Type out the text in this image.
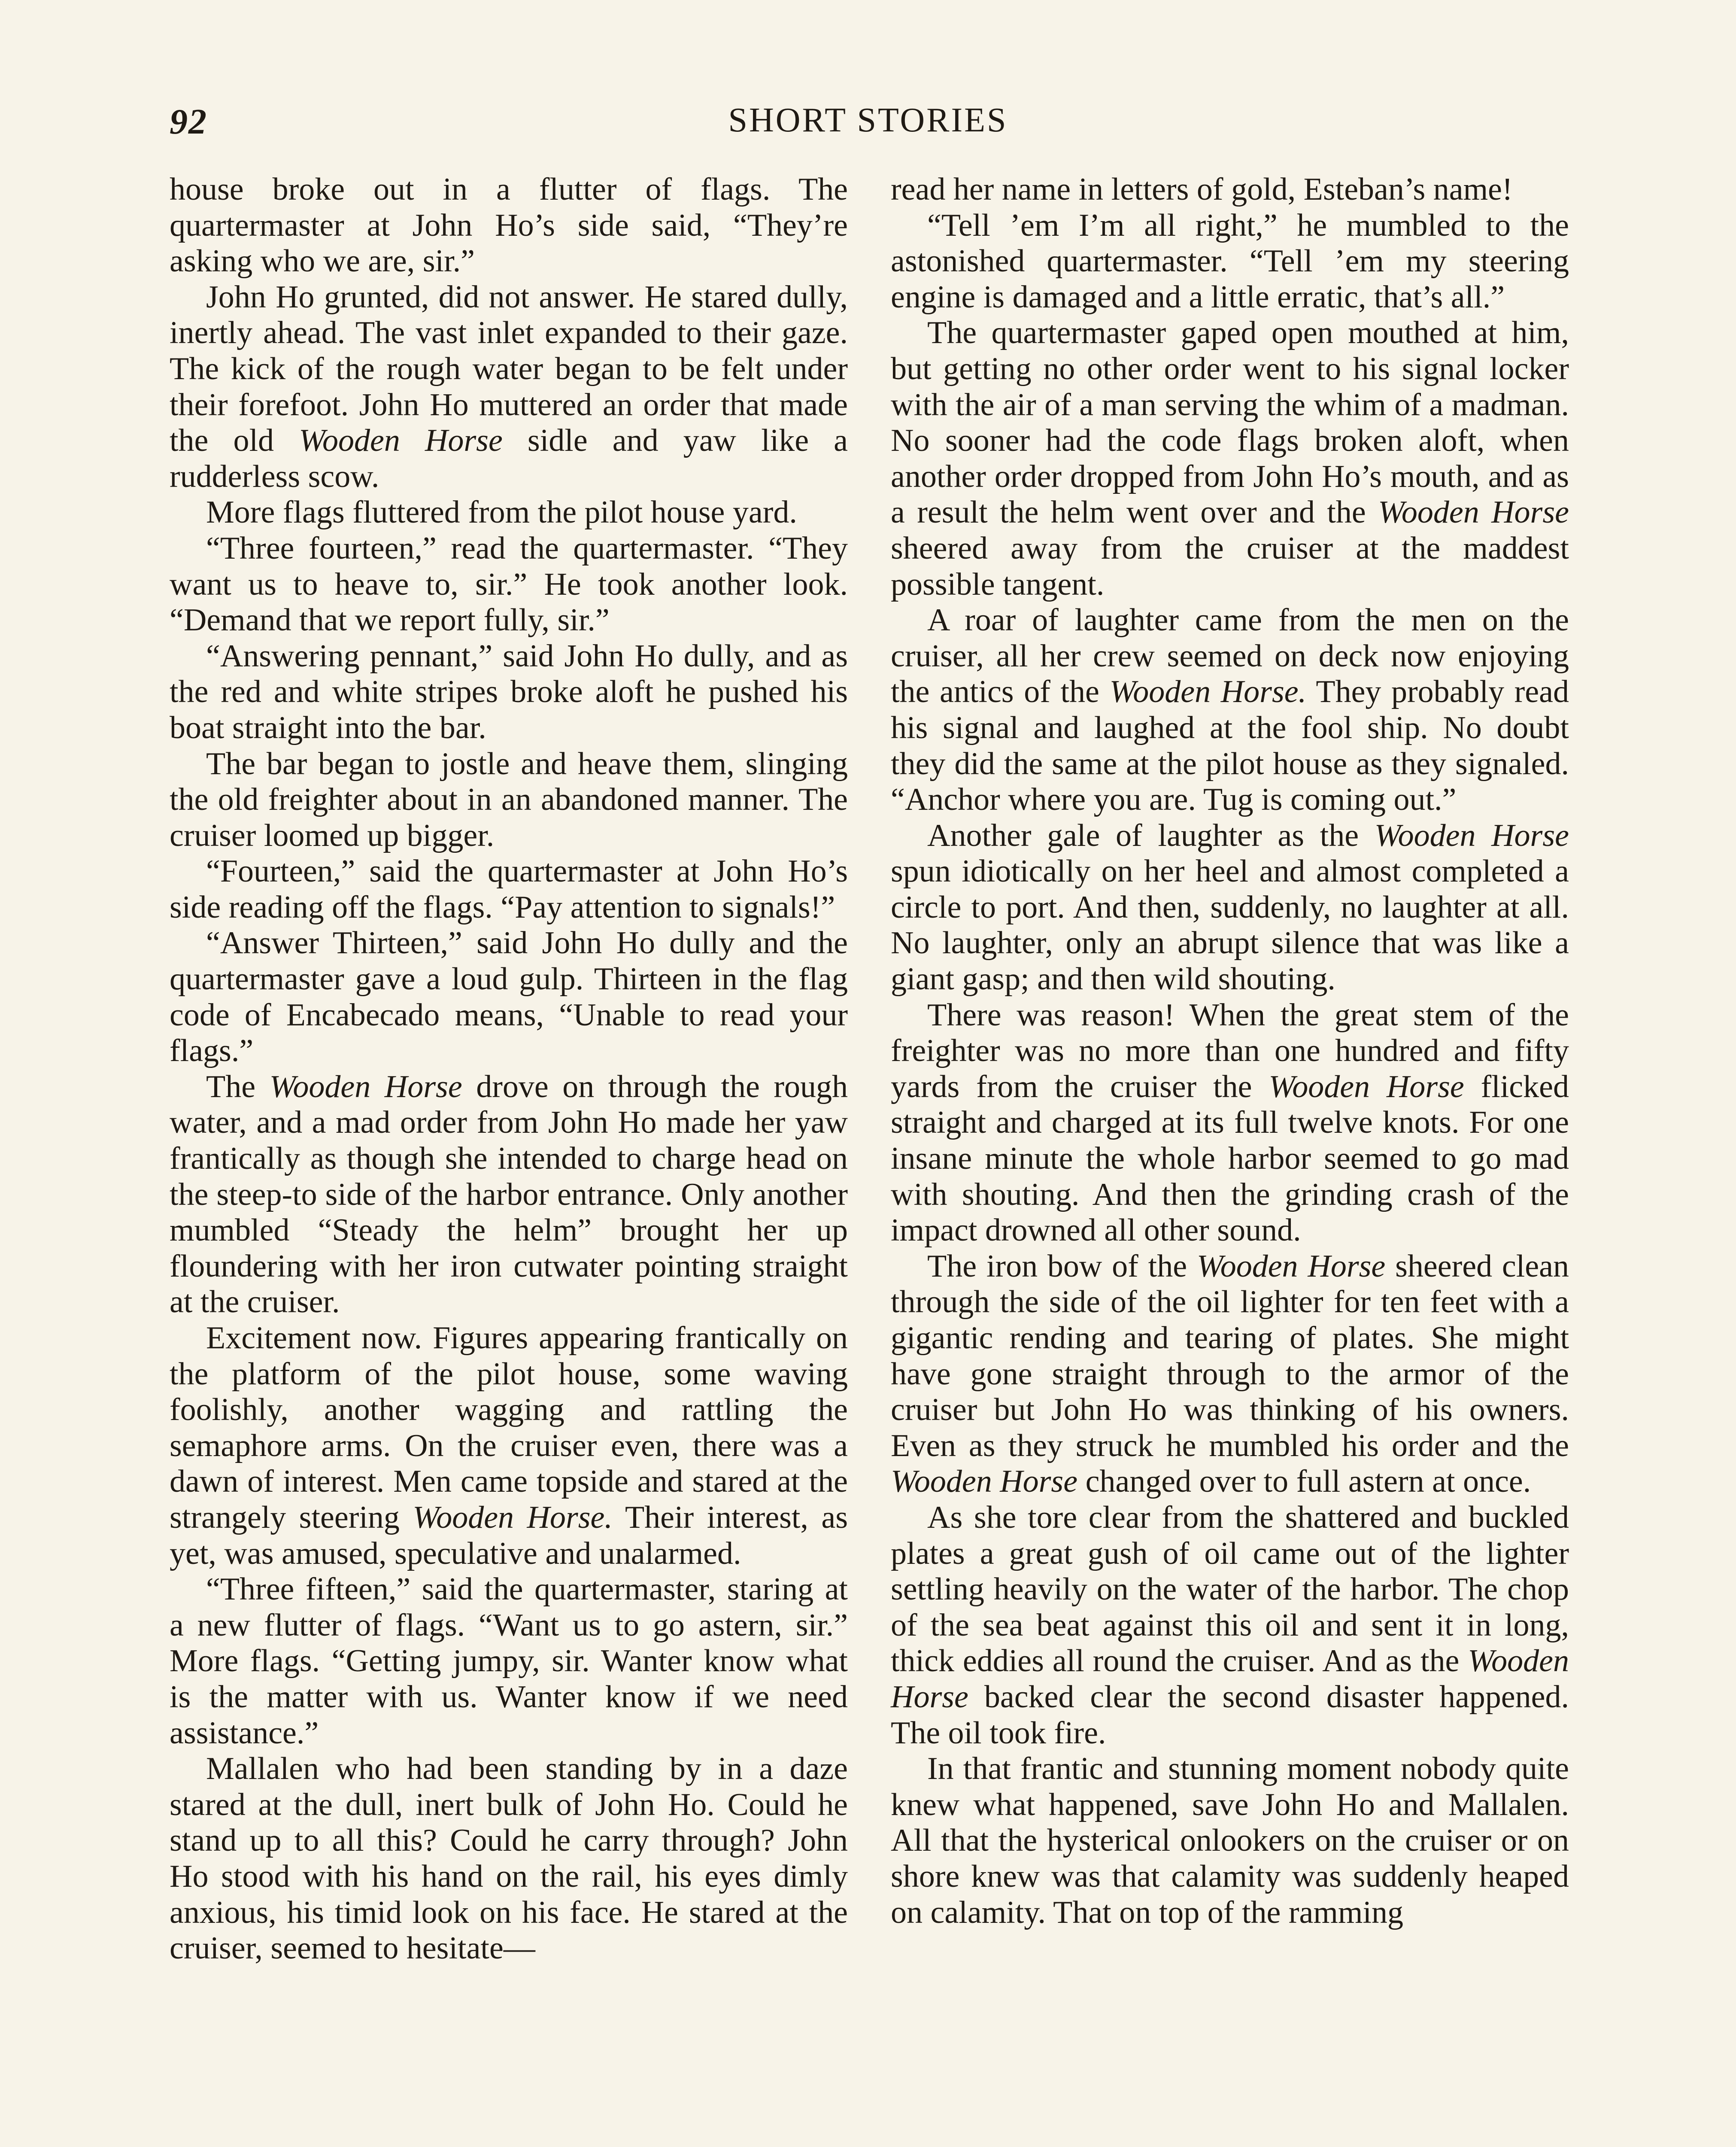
92	SHORT STORIES

house broke out in a flutter of flags. The quartermaster at John Ho’s side said, “They’re asking who we are, sir.”

John Ho grunted, did not answer. He stared dully, inertly ahead. The vast inlet expanded to their gaze. The kick of the rough water began to be felt under their forefoot. John Ho muttered an order that made the old Wooden Horse sidle and yaw like a rudderless scow.

More flags fluttered from the pilot house yard.

“Three fourteen,” read the quartermaster. “They want us to heave to, sir.” He took another look. “Demand that we report fully, sir.”

“Answering pennant,” said John Ho dully, and as the red and white stripes broke aloft he pushed his boat straight into the bar.

The bar began to jostle and heave them, slinging the old freighter about in an abandoned manner. The cruiser loomed up bigger.

“Fourteen,” said the quartermaster at John Ho’s side reading off the flags. “Pay attention to signals!”

“Answer Thirteen,” said John Ho dully and the quartermaster gave a loud gulp. Thirteen in the flag code of Encabecado means, “Unable to read your flags.”

The Wooden Horse drove on through the rough water, and a mad order from John Ho made her yaw frantically as though she intended to charge head on the steep-to side of the harbor entrance. Only another mumbled “Steady the helm” brought her up floundering with her iron cutwater pointing straight at the cruiser.

Excitement now. Figures appearing frantically on the platform of the pilot house, some waving foolishly, another wagging and rattling the semaphore arms. On the cruiser even, there was a dawn of interest. Men came topside and stared at the strangely steering Wooden Horse. Their interest, as yet, was amused, speculative and unalarmed.

“Three fifteen,” said the quartermaster, staring at a new flutter of flags. “Want us to go astern, sir.” More flags. “Getting jumpy, sir. Wanter know what is the matter with us. Wanter know if we need assistance.”

Mallalen who had been standing by in a daze stared at the dull, inert bulk of John Ho. Could he stand up to all this? Could he carry through? John Ho stood with his hand on the rail, his eyes dimly anxious, his timid look on his face. He stared at the cruiser, seemed to hesitate—

read her name in letters of gold, Esteban’s name!

“Tell ’em I’m all right,” he mumbled to the astonished quartermaster. “Tell ’em my steering engine is damaged and a little erratic, that’s all.”

The quartermaster gaped open mouthed at him, but getting no other order went to his signal locker with the air of a man serving the whim of a madman. No sooner had the code flags broken aloft, when another order dropped from John Ho’s mouth, and as a result the helm went over and the Wooden Horse sheered away from the cruiser at the maddest possible tangent.

A roar of laughter came from the men on the cruiser, all her crew seemed on deck now enjoying the antics of the Wooden Horse. They probably read his signal and laughed at the fool ship. No doubt they did the same at the pilot house as they signaled. “Anchor where you are. Tug is coming out.”

Another gale of laughter as the Wooden Horse spun idiotically on her heel and almost completed a circle to port. And then, suddenly, no laughter at all. No laughter, only an abrupt silence that was like a giant gasp; and then wild shouting.

There was reason! When the great stem of the freighter was no more than one hundred and fifty yards from the cruiser the Wooden Horse flicked straight and charged at its full twelve knots. For one insane minute the whole harbor seemed to go mad with shouting. And then the grinding crash of the impact drowned all other sound.

The iron bow of the Wooden Horse sheered clean through the side of the oil lighter for ten feet with a gigantic rending and tearing of plates. She might have gone straight through to the armor of the cruiser but John Ho was thinking of his owners. Even as they struck he mumbled his order and the Wooden Horse changed over to full astern at once.

As she tore clear from the shattered and buckled plates a great gush of oil came out of the lighter settling heavily on the water of the harbor. The chop of the sea beat against this oil and sent it in long, thick eddies all round the cruiser. And as the Wooden Horse backed clear the second disaster happened. The oil took fire.

In that frantic and stunning moment nobody quite knew what happened, save John Ho and Mallalen. All that the hysterical onlookers on the cruiser or on shore knew was that calamity was suddenly heaped on calamity. That on top of the ramming
